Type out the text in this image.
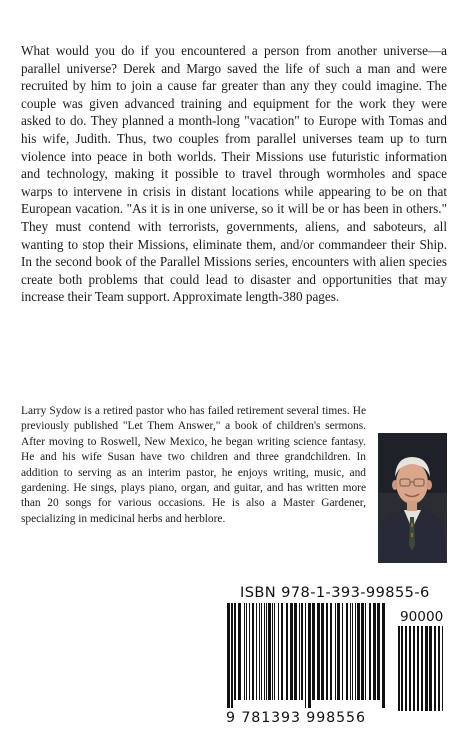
What would you do if you encountered a person from another universe—a parallel universe? Derek and Margo saved the life of such a man and were recruited by him to join a cause far greater than any they could imagine. The couple was given advanced training and equipment for the work they were asked to do. They planned a month-long "vacation" to Europe with Tomas and his wife, Judith. Thus, two couples from parallel universes team up to turn violence into peace in both worlds. Their Missions use futuristic information and technology, making it possible to travel through wormholes and space warps to intervene in crisis in distant locations while appearing to be on that European vacation. "As it is in one universe, so it will be or has been in others." They must contend with terrorists, governments, aliens, and saboteurs, all wanting to stop their Missions, eliminate them, and/or commandeer their Ship. In the second book of the Parallel Missions series, encounters with alien species create both problems that could lead to disaster and opportunities that may increase their Team support. Approximate length-380 pages.

Larry Sydow is a retired pastor who has failed retirement several times. He previously published "Let Them Answer," a book of children's sermons. After moving to Roswell, New Mexico, he began writing science fantasy. He and his wife Susan have two children and three grandchildren. In addition to serving as an interim pastor, he enjoys writing, music, and gardening. He sings, plays piano, organ, and guitar, and has written more than 20 songs for various occasions. He is also a Master Gardener, specializing in medicinal herbs and herblore.

ISBN 978-1-393-99855-6
90000
9 781393 998556
